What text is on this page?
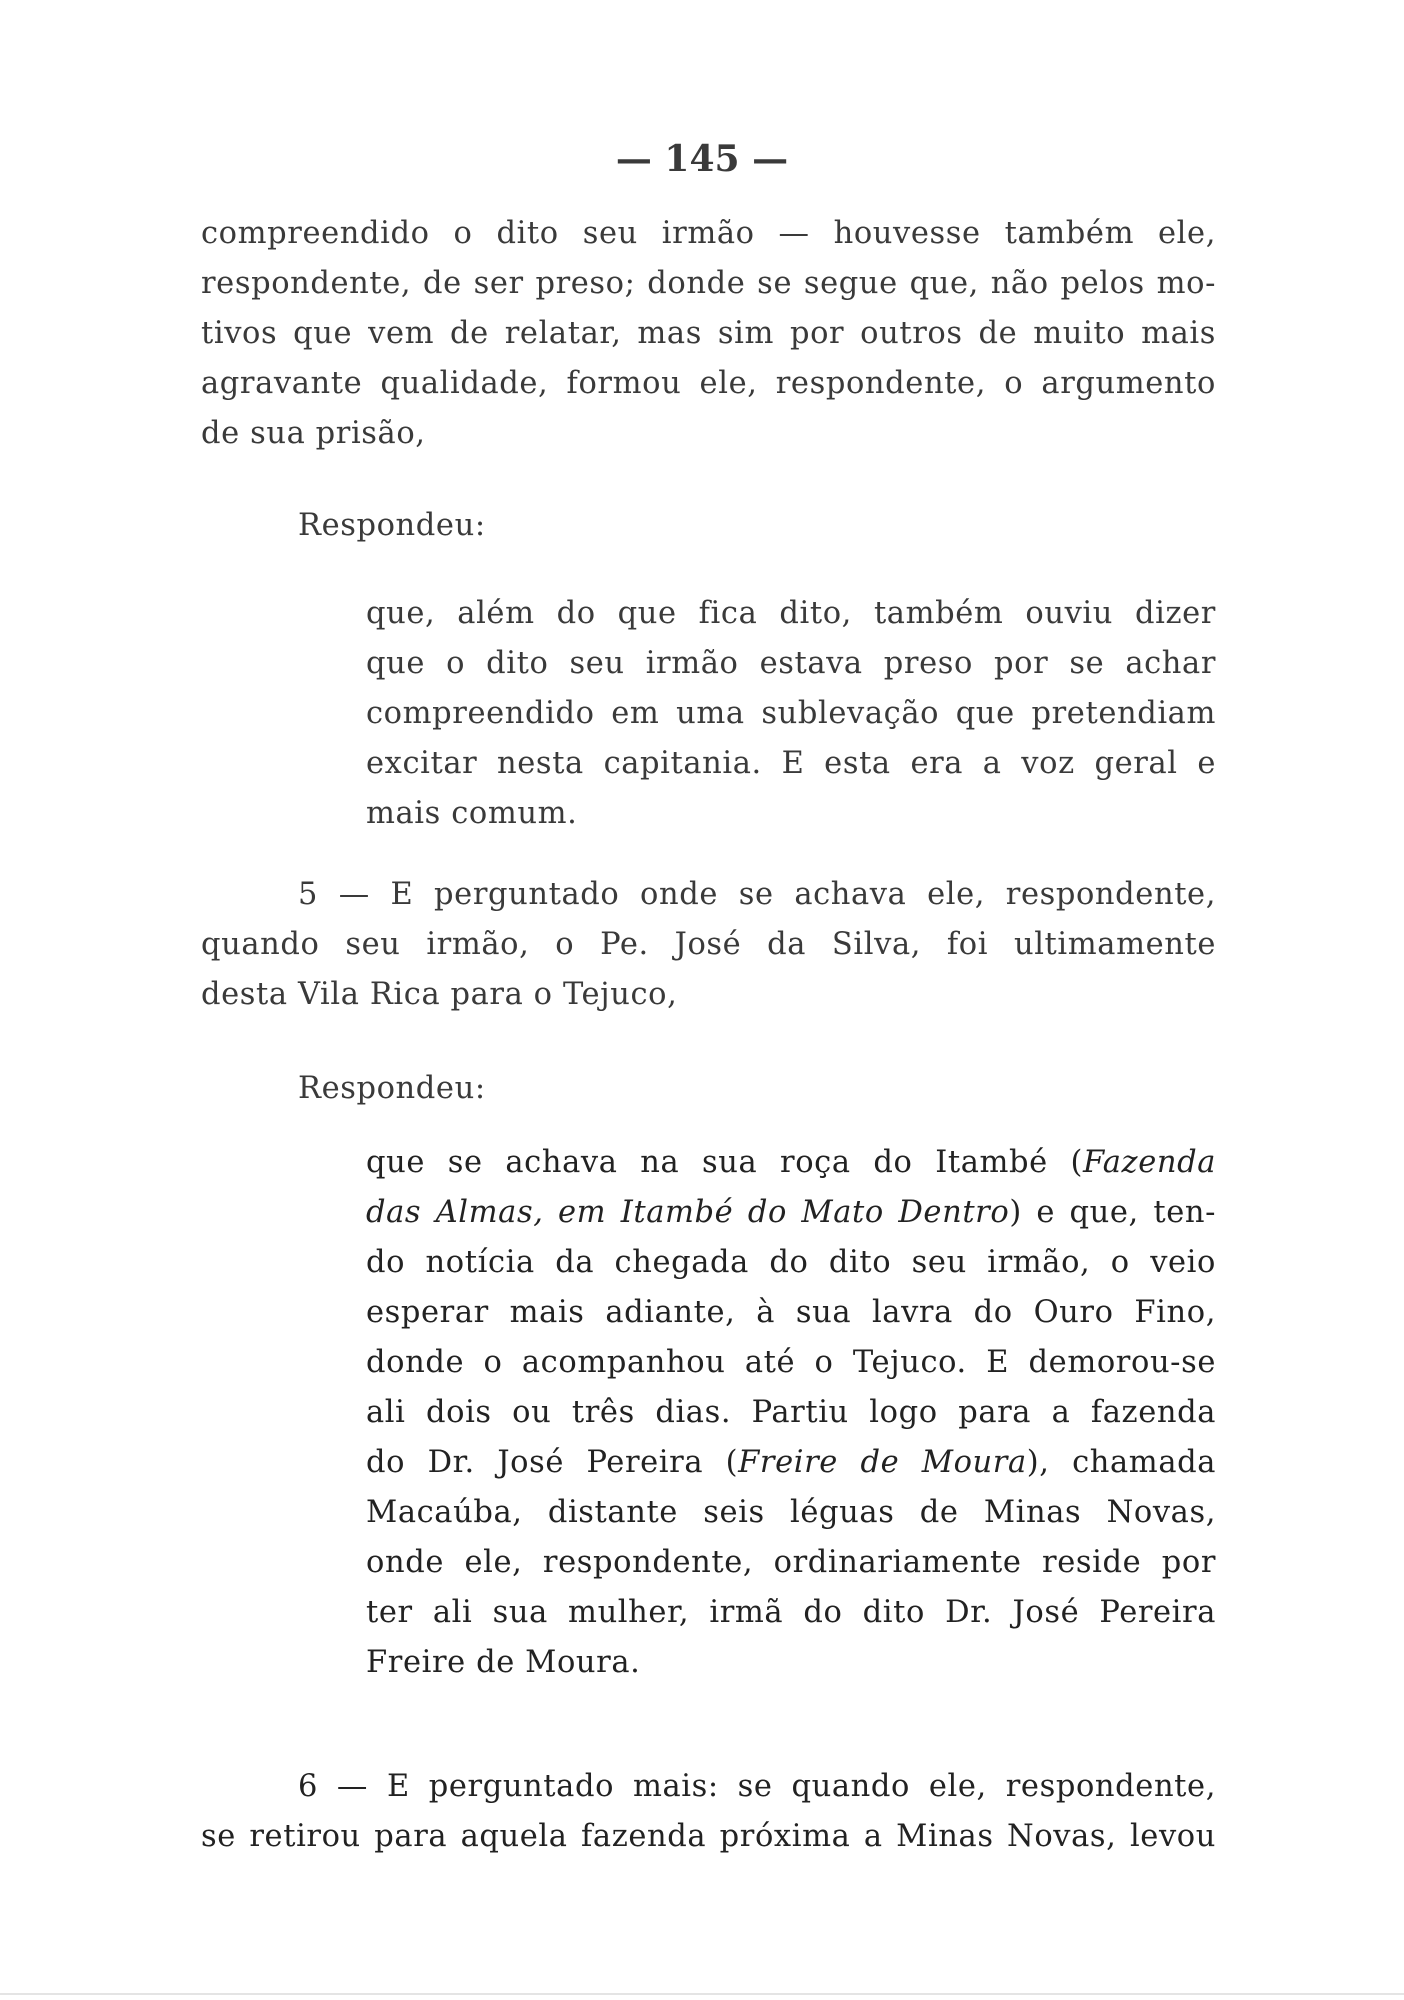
— 145 —
compreendido o dito seu irmão — houvesse também ele,
respondente, de ser preso; donde se segue que, não pelos mo-
tivos que vem de relatar, mas sim por outros de muito mais
agravante qualidade, formou ele, respondente, o argumento
de sua prisão,
Respondeu:
que, além do que fica dito, também ouviu dizer
que o dito seu irmão estava preso por se achar
compreendido em uma sublevação que pretendiam
excitar nesta capitania. E esta era a voz geral e
mais comum.
5 — E perguntado onde se achava ele, respondente,
quando seu irmão, o Pe. José da Silva, foi ultimamente
desta Vila Rica para o Tejuco,
Respondeu:
que se achava na sua roça do Itambé (Fazenda
das Almas, em Itambé do Mato Dentro) e que, ten-
do notícia da chegada do dito seu irmão, o veio
esperar mais adiante, à sua lavra do Ouro Fino,
donde o acompanhou até o Tejuco. E demorou-se
ali dois ou três dias. Partiu logo para a fazenda
do Dr. José Pereira (Freire de Moura), chamada
Macaúba, distante seis léguas de Minas Novas,
onde ele, respondente, ordinariamente reside por
ter ali sua mulher, irmã do dito Dr. José Pereira
Freire de Moura.
6 — E perguntado mais: se quando ele, respondente,
se retirou para aquela fazenda próxima a Minas Novas, levou
